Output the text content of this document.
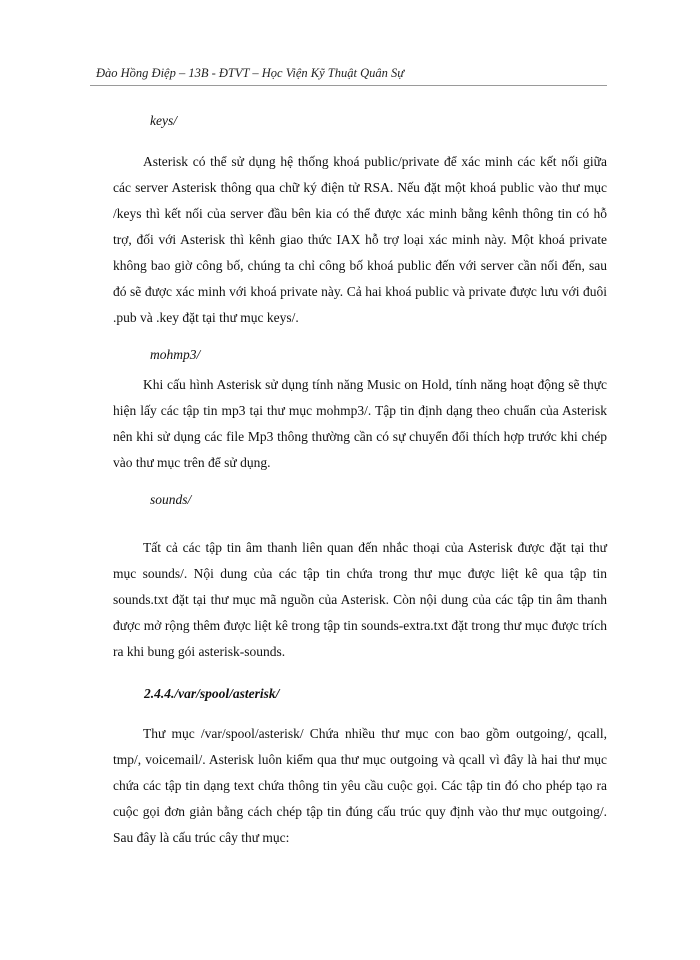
Đào Hồng Điệp – 13B - ĐTVT – Học Viện Kỹ Thuật Quân Sự
keys/

Asterisk có thể sử dụng hệ thống khoá public/private để xác minh các kết nối giữa các server Asterisk thông qua chữ ký điện tử RSA. Nếu đặt một khoá public vào thư mục /keys thì kết nối của server đầu bên kia có thể được xác minh bằng kênh thông tin có hỗ trợ, đối với Asterisk thì kênh giao thức IAX hỗ trợ loại xác minh này. Một khoá private không bao giờ công bố, chúng ta chỉ công bố khoá public đến với server cần nối đến, sau đó sẽ được xác minh với khoá private này. Cả hai khoá public và private được lưu với đuôi .pub và .key đặt tại thư mục keys/.

mohmp3/

Khi cấu hình Asterisk sử dụng tính năng Music on Hold, tính năng hoạt động sẽ thực hiện lấy các tập tin mp3 tại thư mục mohmp3/. Tập tin định dạng theo chuẩn của Asterisk nên khi sử dụng các file Mp3 thông thường cần có sự chuyển đổi thích hợp trước khi chép vào thư mục trên để sử dụng.

sounds/

Tất cả các tập tin âm thanh liên quan đến nhắc thoại của Asterisk được đặt tại thư mục sounds/. Nội dung của các tập tin chứa trong thư mục được liệt kê qua tập tin sounds.txt đặt tại thư mục mã nguồn của Asterisk. Còn nội dung của các tập tin âm thanh được mở rộng thêm được liệt kê trong tập tin sounds-extra.txt đặt trong thư mục được trích ra khi bung gói asterisk-sounds.

2.4.4./var/spool/asterisk/

Thư mục /var/spool/asterisk/ Chứa nhiều thư mục con bao gồm outgoing/, qcall, tmp/, voicemail/. Asterisk luôn kiểm qua thư mục outgoing và qcall vì đây là hai thư mục chứa các tập tin dạng text chứa thông tin yêu cầu cuộc gọi. Các tập tin đó cho phép tạo ra cuộc gọi đơn giản bằng cách chép tập tin đúng cấu trúc quy định vào thư mục outgoing/. Sau đây là cấu trúc cây thư mục:
